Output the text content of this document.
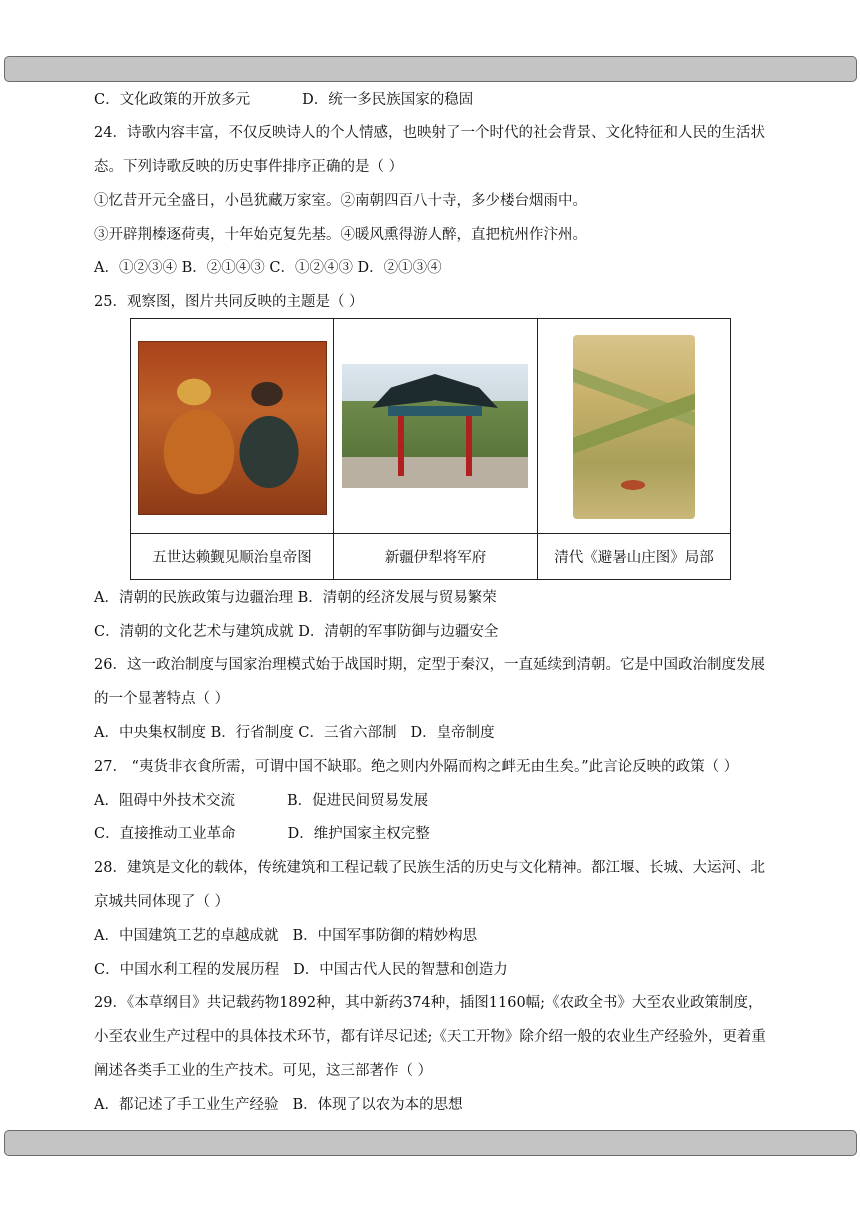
C．文化政策的开放多元	D．统一多民族国家的稳固
24．诗歌内容丰富，不仅反映诗人的个人情感，也映射了一个时代的社会背景、文化特征和人民的生活状态。下列诗歌反映的历史事件排序正确的是（ ）
①忆昔开元全盛日，小邑犹藏万家室。②南朝四百八十寺，多少楼台烟雨中。
③开辟荆榛逐荷夷，十年始克复先基。④暖风熏得游人醉，直把杭州作汴州。
A．①②③④ B．②①④③ C．①②④③ D．②①③④
25．观察图，图片共同反映的主题是（ ）

五世达赖觐见顺治皇帝图	新疆伊犁将军府	清代《避暑山庄图》局部
A．清朝的民族政策与边疆治理 B．清朝的经济发展与贸易繁荣
C．清朝的文化艺术与建筑成就 D．清朝的军事防御与边疆安全
26．这一政治制度与国家治理模式始于战国时期，定型于秦汉，一直延续到清朝。它是中国政治制度发展的一个显著特点（ ）
A．中央集权制度 B．行省制度 C．三省六部制 D．皇帝制度
27． “夷货非衣食所需，可谓中国不缺耶。绝之则内外隔而构之衅无由生矣。”此言论反映的政策（ ）
A．阻碍中外技术交流	B．促进民间贸易发展
C．直接推动工业革命	D．维护国家主权完整
28．建筑是文化的载体，传统建筑和工程记载了民族生活的历史与文化精神。都江堰、长城、大运河、北京城共同体现了（ ）
A．中国建筑工艺的卓越成就 B．中国军事防御的精妙构思
C．中国水利工程的发展历程 D．中国古代人民的智慧和创造力
29．《本草纲目》共记载药物1892种，其中新药374种，插图1160幅;《农政全书》大至农业政策制度，小至农业生产过程中的具体技术环节，都有详尽记述;《天工开物》除介绍一般的农业生产经验外，更着重阐述各类手工业的生产技术。可见，这三部著作（ ）
A．都记述了手工业生产经验 B．体现了以农为本的思想
